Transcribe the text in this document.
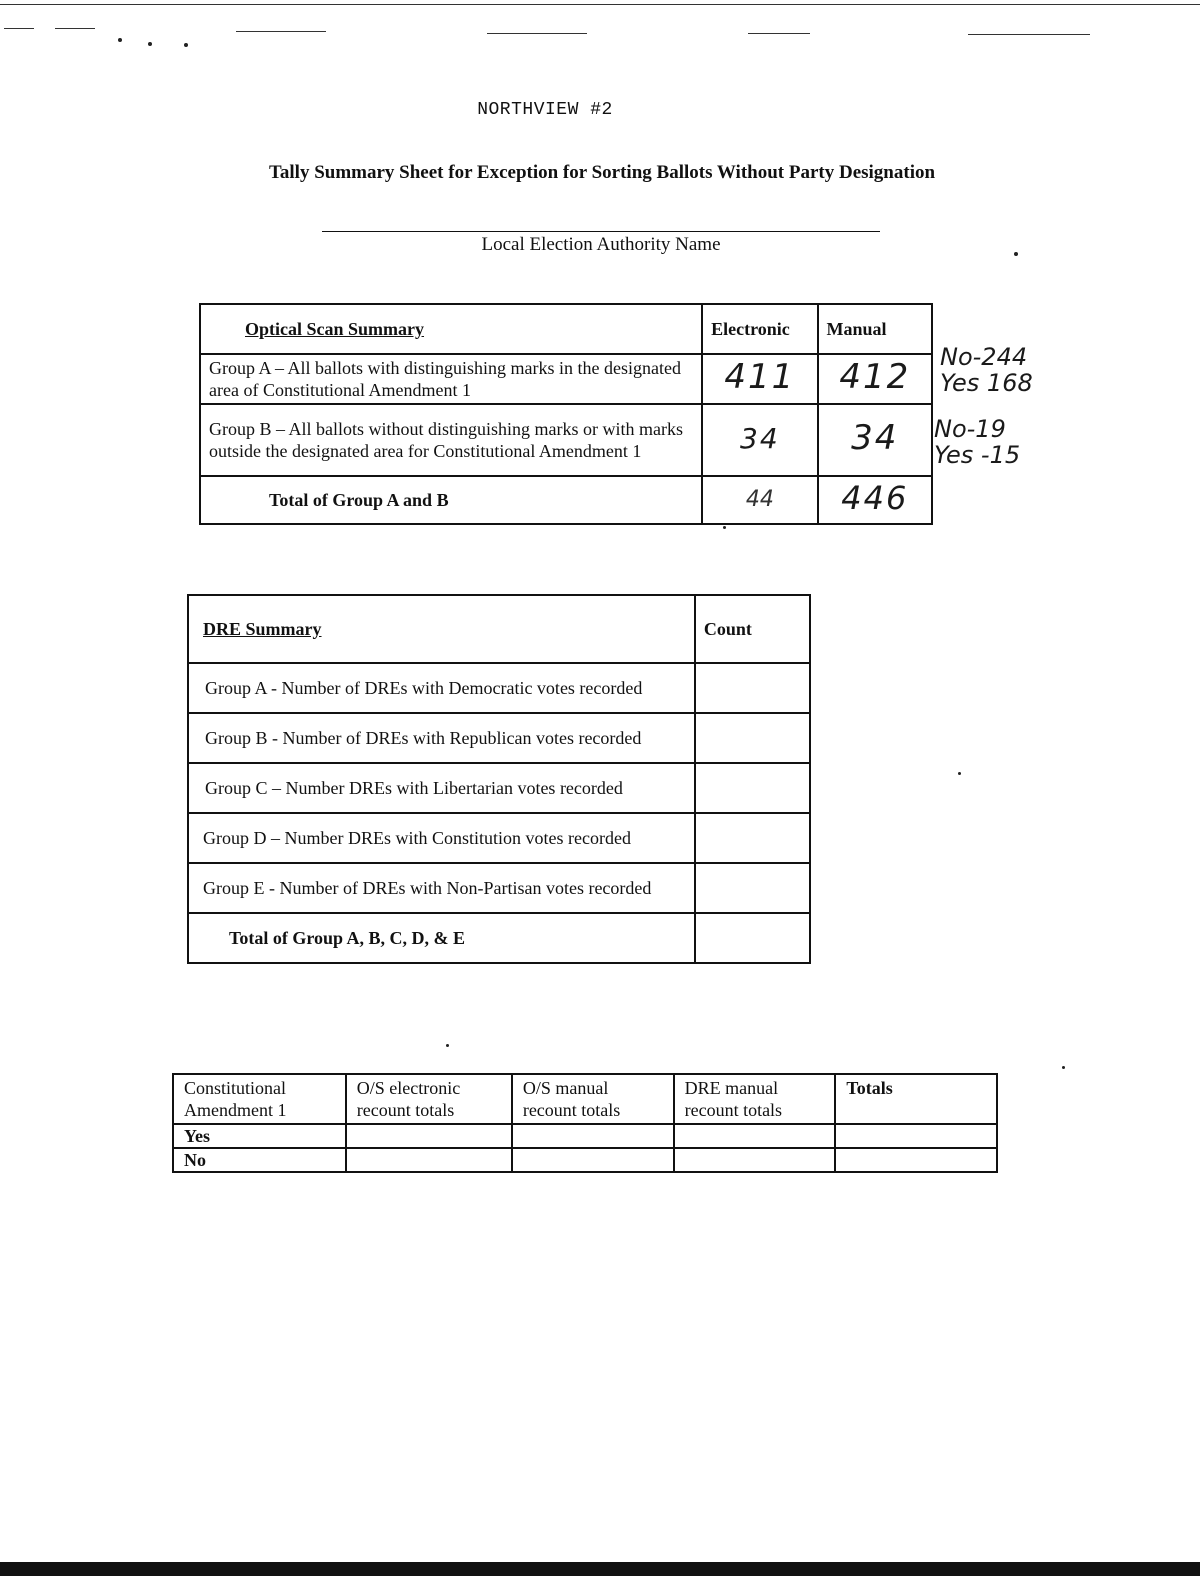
NORTHVIEW #2
Tally Summary Sheet for Exception for Sorting Ballots Without Party Designation
Local Election Authority Name
Optical Scan Summary	Electronic	Manual
Group A – All ballots with distinguishing marks in the designated area of Constitutional Amendment 1	411	412
Group B – All ballots without distinguishing marks or with marks outside the designated area for Constitutional Amendment 1	34	34
Total of Group A and B	44	446
No-244
Yes 168
No-19
Yes -15
DRE Summary	Count
Group A - Number of DREs with Democratic votes recorded	
Group B - Number of DREs with Republican votes recorded	
Group C – Number DREs with Libertarian votes recorded	
Group D – Number DREs with Constitution votes recorded	
Group E - Number of DREs with Non-Partisan votes recorded	
Total of Group A, B, C, D, & E	
Constitutional Amendment 1	O/S electronic recount totals	O/S manual recount totals	DRE manual recount totals	Totals
Yes				
No				
